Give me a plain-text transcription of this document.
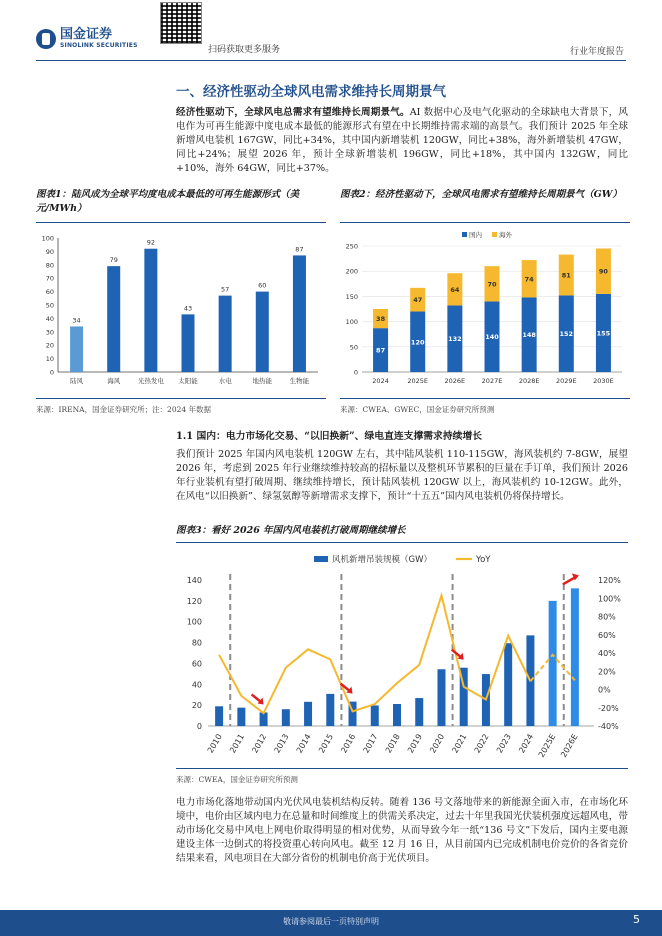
国金证券
SINOLINK SECURITIES	扫码获取更多服务	行业年度报告
一、经济性驱动全球风电需求维持长周期景气
经济性驱动下，全球风电总需求有望维持长周期景气。AI 数据中心及电气化驱动的全球缺电大背景下，风电作为可再生能源中度电成本最低的能源形式有望在中长期维持需求端的高景气。我们预计 2025 年全球新增风电装机 167GW，同比+34%，其中国内新增装机 120GW，同比+38%，海外新增装机 47GW，同比+24%；展望 2026 年，预计全球新增装机 196GW，同比+18%，其中国内 132GW，同比+10%，海外 64GW，同比+37%。
图表1：陆风成为全球平均度电成本最低的可再生能源形式（美元/MWh）
0
10
20
30
40
50
60
70
80
90
100
34
陆风
79
海风
92
光热发电
43
太阳能
57
水电
60
地热能
87
生物能
来源：IRENA，国金证券研究所；注：2024 年数据
图表2：经济性驱动下，全球风电需求有望维持长周期景气（GW）
0
50
100
150
200
250
国内	海外
87
38
2024
120
47
2025E
132
64
2026E
140
70
2027E
148
74
2028E
152
81
2029E
155
90
2030E
来源：CWEA、GWEC，国金证券研究所预测
1.1 国内：电力市场化交易、“以旧换新”、绿电直连支撑需求持续增长
我们预计 2025 年国内风电装机 120GW 左右，其中陆风装机 110-115GW，海风装机约 7-8GW，展望 2026 年，考虑到 2025 年行业继续维持较高的招标量以及整机环节累积的巨量在手订单，我们预计 2026 年行业装机有望打破周期、继续维持增长，预计陆风装机 120GW 以上，海风装机约 10-12GW。此外，在风电“以旧换新”、绿氢氨醇等新增需求支撑下，预计“十五五”国内风电装机仍将保持增长。
图表3：看好 2026 年国内风电装机打破周期继续增长
风机新增吊装规模（GW）	YoY
0
20
40
60
80
100
120
140
-40%
-20%
0%
20%
40%
60%
80%
100%
120%
2010 2011 2012 2013 2014 2015 2016 2017 2018 2019 2020 2021 2022 2023 2024 2025E 2026E
来源：CWEA，国金证券研究所预测
电力市场化落地带动国内光伏风电装机结构反转。随着 136 号文落地带来的新能源全面入市，在市场化环境中，电价由区域内电力在总量和时间维度上的供需关系决定，过去十年里我国光伏装机强度远超风电，带动市场化交易中风电上网电价取得明显的相对优势，从而导致今年一纸“136 号文”下发后，国内主要电源建设主体一边倒式的将投资重心转向风电。截至 12 月 16 日，从目前国内已完成机制电价竞价的各省竞价结果来看，风电项目在大部分省份的机制电价高于光伏项目。
敬请参阅最后一页特别声明	5
